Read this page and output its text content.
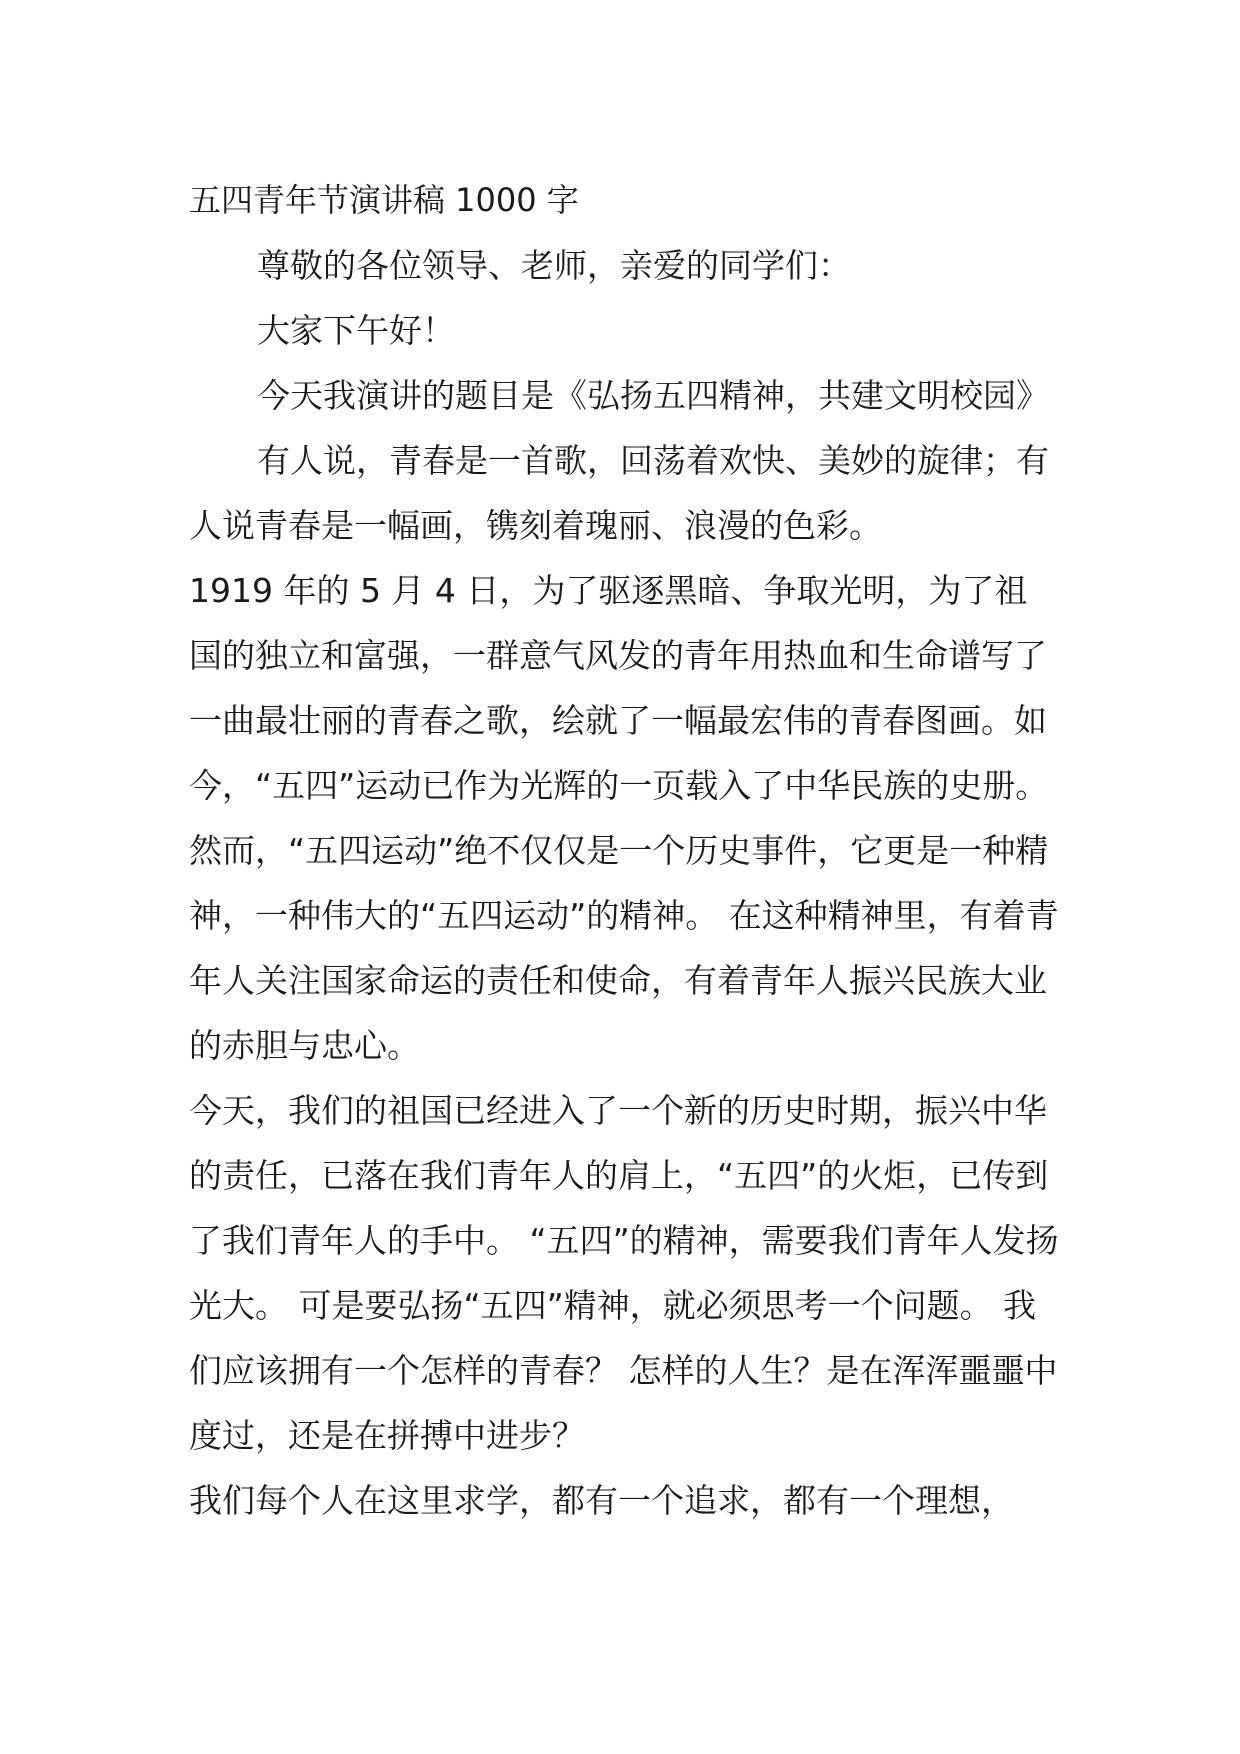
五四青年节演讲稿 1000 字

尊敬的各位领导、老师，亲爱的同学们：

大家下午好！

今天我演讲的题目是《弘扬五四精神，共建文明校园》

有人说，青春是一首歌，回荡着欢快、美妙的旋律；有人说青春是一幅画，镌刻着瑰丽、浪漫的色彩。

1919 年的 5 月 4 日，为了驱逐黑暗、争取光明，为了祖国的独立和富强，一群意气风发的青年用热血和生命谱写了一曲最壮丽的青春之歌，绘就了一幅最宏伟的青春图画。如今，“五四”运动已作为光辉的一页载入了中华民族的史册。 然而，“五四运动”绝不仅仅是一个历史事件，它更是一种精神，一种伟大的“五四运动”的精神。 在这种精神里，有着青年人关注国家命运的责任和使命，有着青年人振兴民族大业的赤胆与忠心。

今天，我们的祖国已经进入了一个新的历史时期，振兴中华的责任，已落在我们青年人的肩上，“五四”的火炬，已传到了我们青年人的手中。 “五四”的精神，需要我们青年人发扬光大。 可是要弘扬“五四”精神，就必须思考一个问题。 我们应该拥有一个怎样的青春？ 怎样的人生？是在浑浑噩噩中度过，还是在拼搏中进步？

我们每个人在这里求学，都有一个追求，都有一个理想，
